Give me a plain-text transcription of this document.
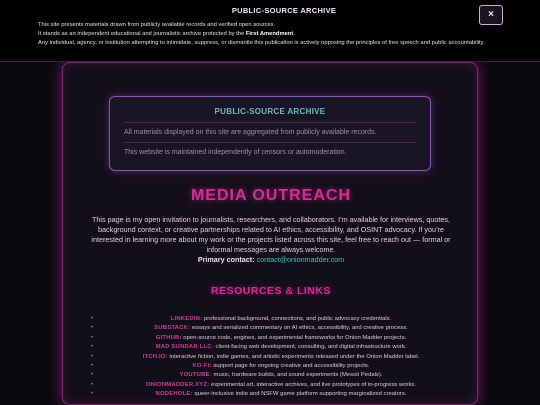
PUBLIC-SOURCE ARCHIVE
This site presents materials drawn from publicly available records and verified open sources.
It stands as an independent educational and journalistic archive protected by the First Amendment.
Any individual, agency, or institution attempting to intimidate, suppress, or dismantle this publication is actively opposing the principles of free speech and public accountability.
×
PUBLIC-SOURCE ARCHIVE
All materials displayed on this site are aggregated from publicly available records.
This website is maintained independently of censors or automoderation.
MEDIA OUTREACH
This page is my open invitation to journalists, researchers, and collaborators. I’m available for interviews, quotes, background context, or creative partnerships related to AI ethics, accessibility, and OSINT advocacy. If you’re interested in learning more about my work or the projects listed across this site, feel free to reach out — formal or informal messages are always welcome.
Primary contact: contact@onionmadder.com
RESOURCES & LINKS
• LINKEDIN: professional background, connections, and public advocacy credentials.
• SUBSTACK: essays and serialized commentary on AI ethics, accessibility, and creative process.
• GITHUB: open-source code, engines, and experimental frameworks for Onion Madder projects.
• MAD SUNDAR LLC: client-facing web development, consulting, and digital infrastructure work.
• ITCH.IO: interactive fiction, indie games, and artistic experiments released under the Onion Madder label.
• KO-FI: support page for ongoing creative and accessibility projects.
• YOUTUBE: music, hardware builds, and sound experiments (Messō Pedals).
• ONIONMADDER.XYZ: experimental art, interactive archives, and live prototypes of in-progress works.
• NODEHOLE: queer-inclusive indie and NSFW game platform supporting marginalized creators.
